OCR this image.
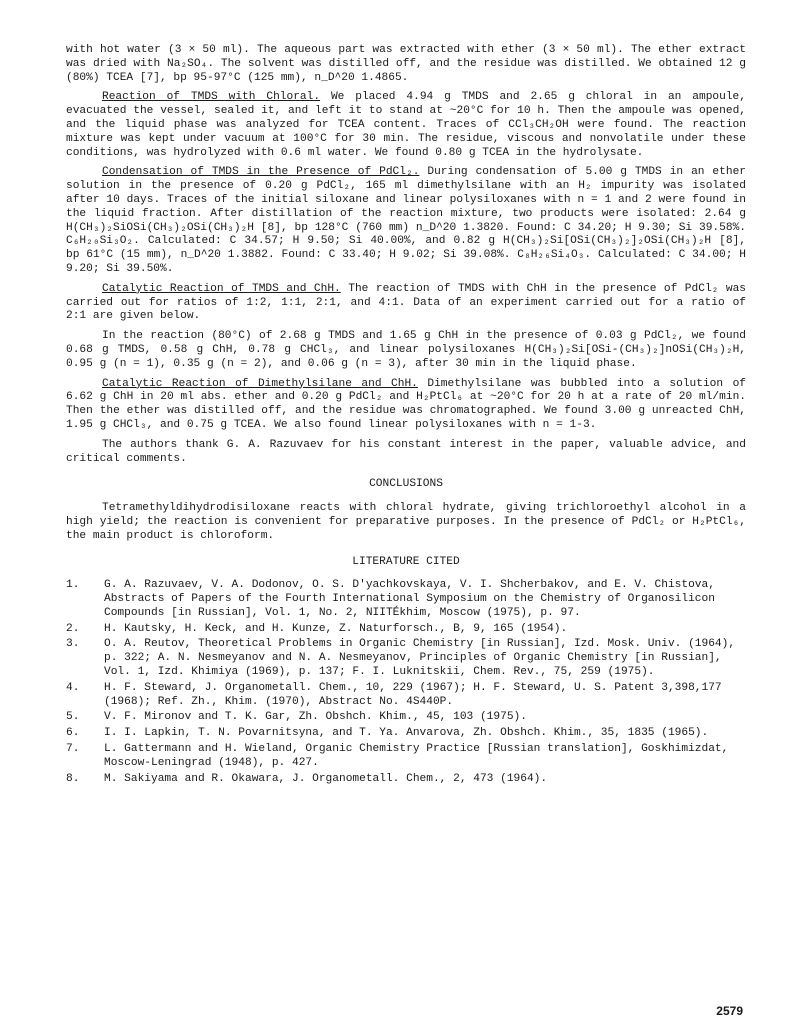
with hot water (3 × 50 ml). The aqueous part was extracted with ether (3 × 50 ml). The ether extract was dried with Na₂SO₄. The solvent was distilled off, and the residue was distilled. We obtained 12 g (80%) TCEA [7], bp 95-97°C (125 mm), n_D^20 1.4865.

Reaction of TMDS with Chloral. We placed 4.94 g TMDS and 2.65 g chloral in an ampoule, evacuated the vessel, sealed it, and left it to stand at ~20°C for 10 h. Then the ampoule was opened, and the liquid phase was analyzed for TCEA content. Traces of CCl₃CH₂OH were found. The reaction mixture was kept under vacuum at 100°C for 30 min. The residue, viscous and nonvolatile under these conditions, was hydrolyzed with 0.6 ml water. We found 0.80 g TCEA in the hydrolysate.

Condensation of TMDS in the Presence of PdCl₂. During condensation of 5.00 g TMDS in an ether solution in the presence of 0.20 g PdCl₂, 165 ml dimethylsilane with an H₂ impurity was isolated after 10 days. Traces of the initial siloxane and linear polysiloxanes with n = 1 and 2 were found in the liquid fraction. After distillation of the reaction mixture, two products were isolated: 2.64 g H(CH₃)₂SiOSi(CH₃)₂OSi(CH₃)₂H [8], bp 128°C (760 mm) n_D^20 1.3820. Found: C 34.20; H 9.30; Si 39.58%. C₆H₂₀Si₃O₂. Calculated: C 34.57; H 9.50; Si 40.00%, and 0.82 g H(CH₃)₂Si[OSi(CH₃)₂]₂OSi(CH₃)₂H [8], bp 61°C (15 mm), n_D^20 1.3882. Found: C 33.40; H 9.02; Si 39.08%. C₈H₂₆Si₄O₃. Calculated: C 34.00; H 9.20; Si 39.50%.

Catalytic Reaction of TMDS and ChH. The reaction of TMDS with ChH in the presence of PdCl₂ was carried out for ratios of 1:2, 1:1, 2:1, and 4:1. Data of an experiment carried out for a ratio of 2:1 are given below.

In the reaction (80°C) of 2.68 g TMDS and 1.65 g ChH in the presence of 0.03 g PdCl₂, we found 0.68 g TMDS, 0.58 g ChH, 0.78 g CHCl₃, and linear polysiloxanes H(CH₃)₂Si[OSi-(CH₃)₂]nOSi(CH₃)₂H, 0.95 g (n = 1), 0.35 g (n = 2), and 0.06 g (n = 3), after 30 min in the liquid phase.

Catalytic Reaction of Dimethylsilane and ChH. Dimethylsilane was bubbled into a solution of 6.62 g ChH in 20 ml abs. ether and 0.20 g PdCl₂ and H₂PtCl₆ at ~20°C for 20 h at a rate of 20 ml/min. Then the ether was distilled off, and the residue was chromatographed. We found 3.00 g unreacted ChH, 1.95 g CHCl₃, and 0.75 g TCEA. We also found linear polysiloxanes with n = 1-3.

The authors thank G. A. Razuvaev for his constant interest in the paper, valuable advice, and critical comments.

CONCLUSIONS

Tetramethyldihydrodisiloxane reacts with chloral hydrate, giving trichloroethyl alcohol in a high yield; the reaction is convenient for preparative purposes. In the presence of PdCl₂ or H₂PtCl₆, the main product is chloroform.

LITERATURE CITED
1.	G. A. Razuvaev, V. A. Dodonov, O. S. D'yachkovskaya, V. I. Shcherbakov, and E. V. Chistova, Abstracts of Papers of the Fourth International Symposium on the Chemistry of Organosilicon Compounds [in Russian], Vol. 1, No. 2, NIITÉkhim, Moscow (1975), p. 97.
2.	H. Kautsky, H. Keck, and H. Kunze, Z. Naturforsch., B, 9, 165 (1954).
3.	O. A. Reutov, Theoretical Problems in Organic Chemistry [in Russian], Izd. Mosk. Univ. (1964), p. 322; A. N. Nesmeyanov and N. A. Nesmeyanov, Principles of Organic Chemistry [in Russian], Vol. 1, Izd. Khimiya (1969), p. 137; F. I. Luknitskii, Chem. Rev., 75, 259 (1975).
4.	H. F. Steward, J. Organometall. Chem., 10, 229 (1967); H. F. Steward, U. S. Patent 3,398,177 (1968); Ref. Zh., Khim. (1970), Abstract No. 4S440P.
5.	V. F. Mironov and T. K. Gar, Zh. Obshch. Khim., 45, 103 (1975).
6.	I. I. Lapkin, T. N. Povarnitsyna, and T. Ya. Anvarova, Zh. Obshch. Khim., 35, 1835 (1965).
7.	L. Gattermann and H. Wieland, Organic Chemistry Practice [Russian translation], Goskhimizdat, Moscow-Leningrad (1948), p. 427.
8.	M. Sakiyama and R. Okawara, J. Organometall. Chem., 2, 473 (1964).
2579
